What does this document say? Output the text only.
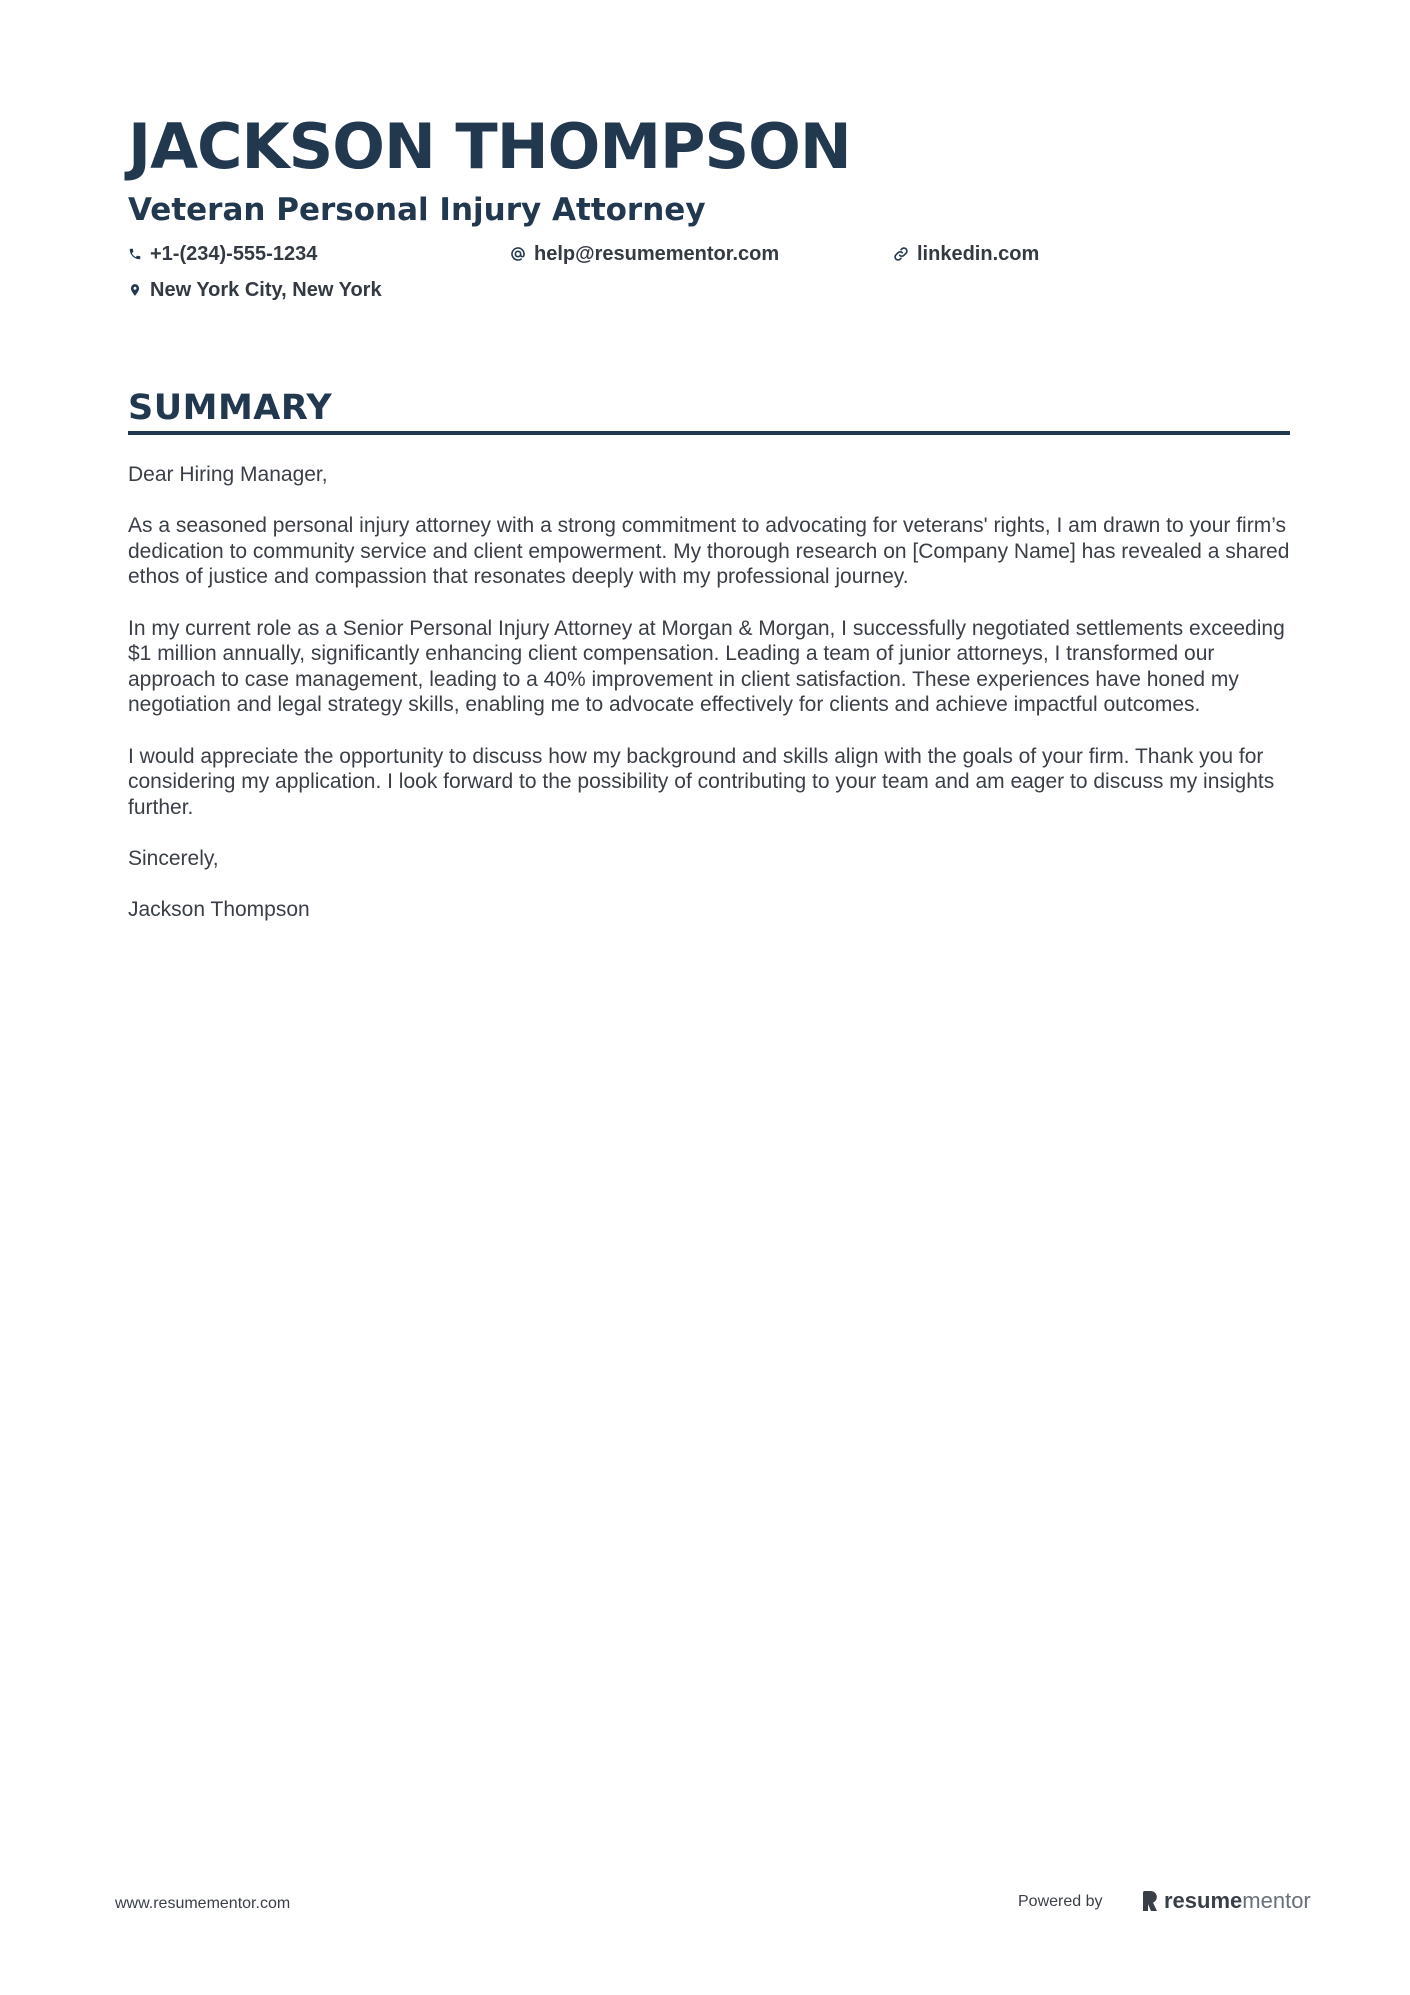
JACKSON THOMPSON
Veteran Personal Injury Attorney
+1-(234)-555-1234	help@resumementor.com	linkedin.com
New York City, New York
SUMMARY

Dear Hiring Manager,

As a seasoned personal injury attorney with a strong commitment to advocating for veterans' rights, I am drawn to your firm’s dedication to community service and client empowerment. My thorough research on [Company Name] has revealed a shared ethos of justice and compassion that resonates deeply with my professional journey.

In my current role as a Senior Personal Injury Attorney at Morgan & Morgan, I successfully negotiated settlements exceeding $1 million annually, significantly enhancing client compensation. Leading a team of junior attorneys, I transformed our approach to case management, leading to a 40% improvement in client satisfaction. These experiences have honed my negotiation and legal strategy skills, enabling me to advocate effectively for clients and achieve impactful outcomes.

I would appreciate the opportunity to discuss how my background and skills align with the goals of your firm. Thank you for considering my application. I look forward to the possibility of contributing to your team and am eager to discuss my insights further.

Sincerely,

Jackson Thompson

www.resumementor.com	Powered by	resume mentor
